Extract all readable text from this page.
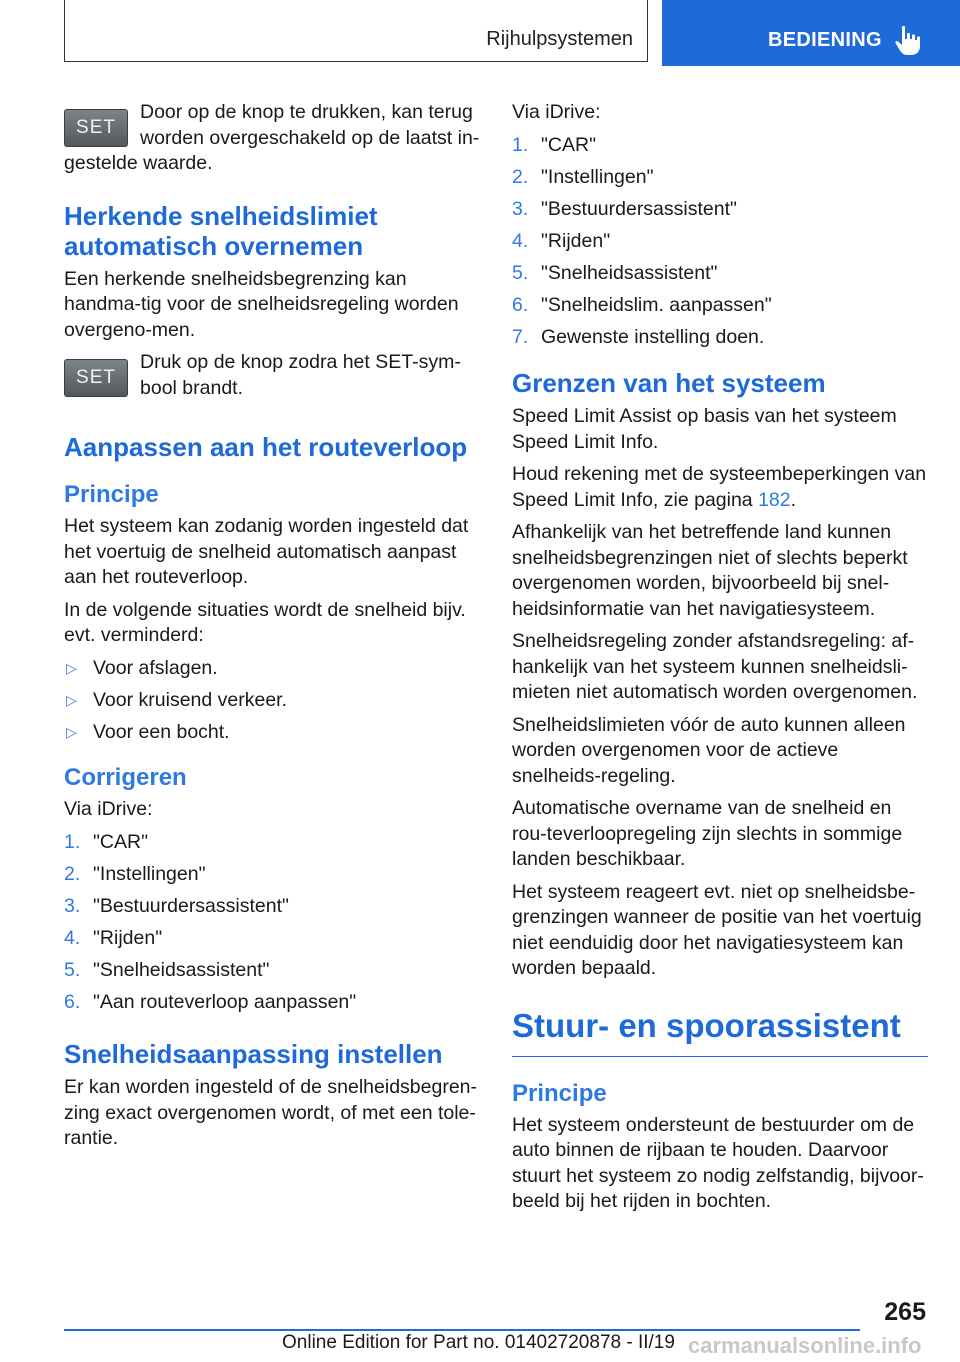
Rijhulpsystemen	BEDIENING
SET

Door op de knop te drukken, kan terug worden overgeschakeld op de laatst in-gestelde waarde.

Herkende snelheidslimiet automatisch overnemen

Een herkende snelheidsbegrenzing kan handma-tig voor de snelheidsregeling worden overgeno-men.

SET

Druk op de knop zodra het SET-sym-bool brandt.

Aanpassen aan het routeverloop
Principe

Het systeem kan zodanig worden ingesteld dat het voertuig de snelheid automatisch aanpast aan het routeverloop.

In de volgende situaties wordt de snelheid bijv. evt. verminderd:

▷ Voor afslagen.
▷ Voor kruisend verkeer.
▷ Voor een bocht.
Corrigeren

Via iDrive:

1. "CAR"
2. "Instellingen"
3. "Bestuurdersassistent"
4. "Rijden"
5. "Snelheidsassistent"
6. "Aan routeverloop aanpassen"
Snelheidsaanpassing instellen

Er kan worden ingesteld of de snelheidsbegren-zing exact overgenomen wordt, of met een tole-rantie.

Via iDrive:

1. "CAR"
2. "Instellingen"
3. "Bestuurdersassistent"
4. "Rijden"
5. "Snelheidsassistent"
6. "Snelheidslim. aanpassen"
7. Gewenste instelling doen.
Grenzen van het systeem

Speed Limit Assist op basis van het systeem Speed Limit Info.

Houd rekening met de systeembeperkingen van Speed Limit Info, zie pagina 182.

Afhankelijk van het betreffende land kunnen snelheidsbegrenzingen niet of slechts beperkt overgenomen worden, bijvoorbeeld bij snel-heidsinformatie van het navigatiesysteem.

Snelheidsregeling zonder afstandsregeling: af-hankelijk van het systeem kunnen snelheidsli-mieten niet automatisch worden overgenomen.

Snelheidslimieten vóór de auto kunnen alleen worden overgenomen voor de actieve snelheids-regeling.

Automatische overname van de snelheid en rou-teverloopregeling zijn slechts in sommige landen beschikbaar.

Het systeem reageert evt. niet op snelheidsbe-grenzingen wanneer de positie van het voertuig niet eenduidig door het navigatiesysteem kan worden bepaald.

Stuur- en spoorassistent
Principe

Het systeem ondersteunt de bestuurder om de auto binnen de rijbaan te houden. Daarvoor stuurt het systeem zo nodig zelfstandig, bijvoor-beeld bij het rijden in bochten.

265
Online Edition for Part no. 01402720878 - II/19 carmanualsonline.info
